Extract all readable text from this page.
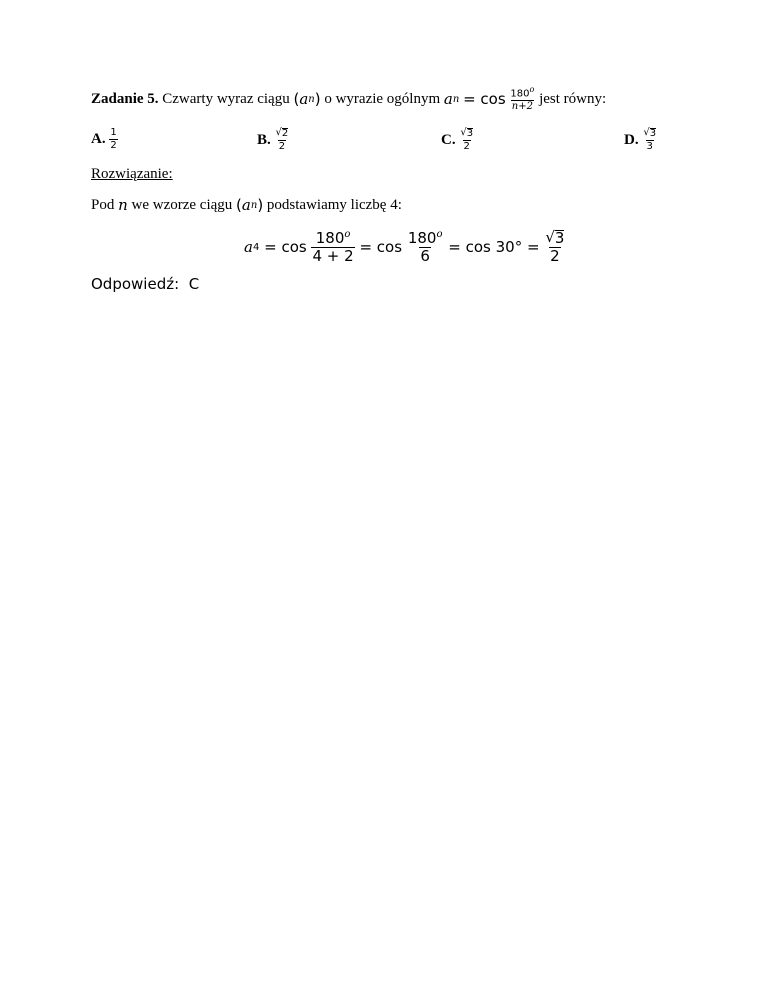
Zadanie 5.
Czwarty wyraz ciągu
( a n )
o wyrazie ogólnym
a n
= cos
$\frac{180^o}{n+2}$
jest równy:
A.
$\frac{1}{2}$	B.
$\frac{√ 2}{2}$	C.
$\frac{√ 3}{2}$	D.
$\frac{√ 3}{3}$
Rozwiązanie:
Pod
n
we wzorze ciągu
( a n )
podstawiamy liczbę 4:
a 4
= cos
$\frac{180^o}{4 + 2}$
= cos
$\frac{180^o}{6}$
= cos 30° =
$\frac{√ 3}{2}$
Odpowiedź: C
